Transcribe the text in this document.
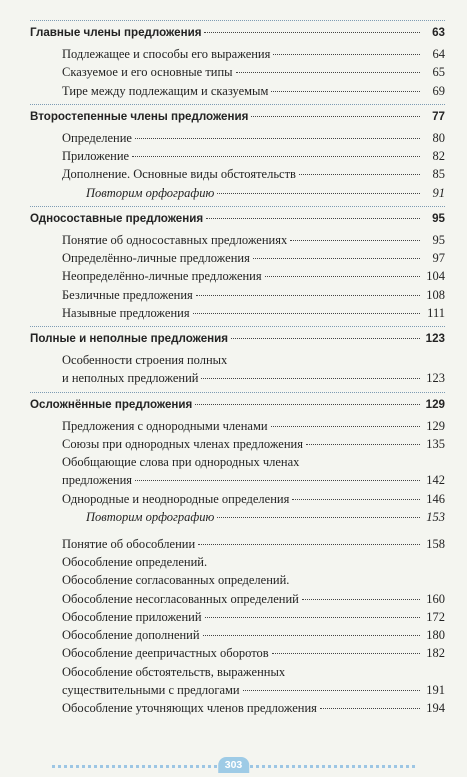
Главные члены предложения	63
Подлежащее и способы его выражения	64
Сказуемое и его основные типы	65
Тире между подлежащим и сказуемым	69
Второстепенные члены предложения	77
Определение	80
Приложение	82
Дополнение. Основные виды обстоятельств	85
Повторим орфографию	91
Односоставные предложения	95
Понятие об односоставных предложениях	95
Определённо-личные предложения	97
Неопределённо-личные предложения	104
Безличные предложения	108
Назывные предложения	111
Полные и неполные предложения	123
Особенности строения полных
и неполных предложений	123
Осложнённые предложения	129
Предложения с однородными членами	129
Союзы при однородных членах предложения	135
Обобщающие слова при однородных членах
предложения	142
Однородные и неоднородные определения	146
Повторим орфографию	153
Понятие об обособлении	158
Обособление определений.
Обособление согласованных определений.
Обособление несогласованных определений	160
Обособление приложений	172
Обособление дополнений	180
Обособление деепричастных оборотов	182
Обособление обстоятельств, выраженных
существительными с предлогами	191
Обособление уточняющих членов предложения	194
303
